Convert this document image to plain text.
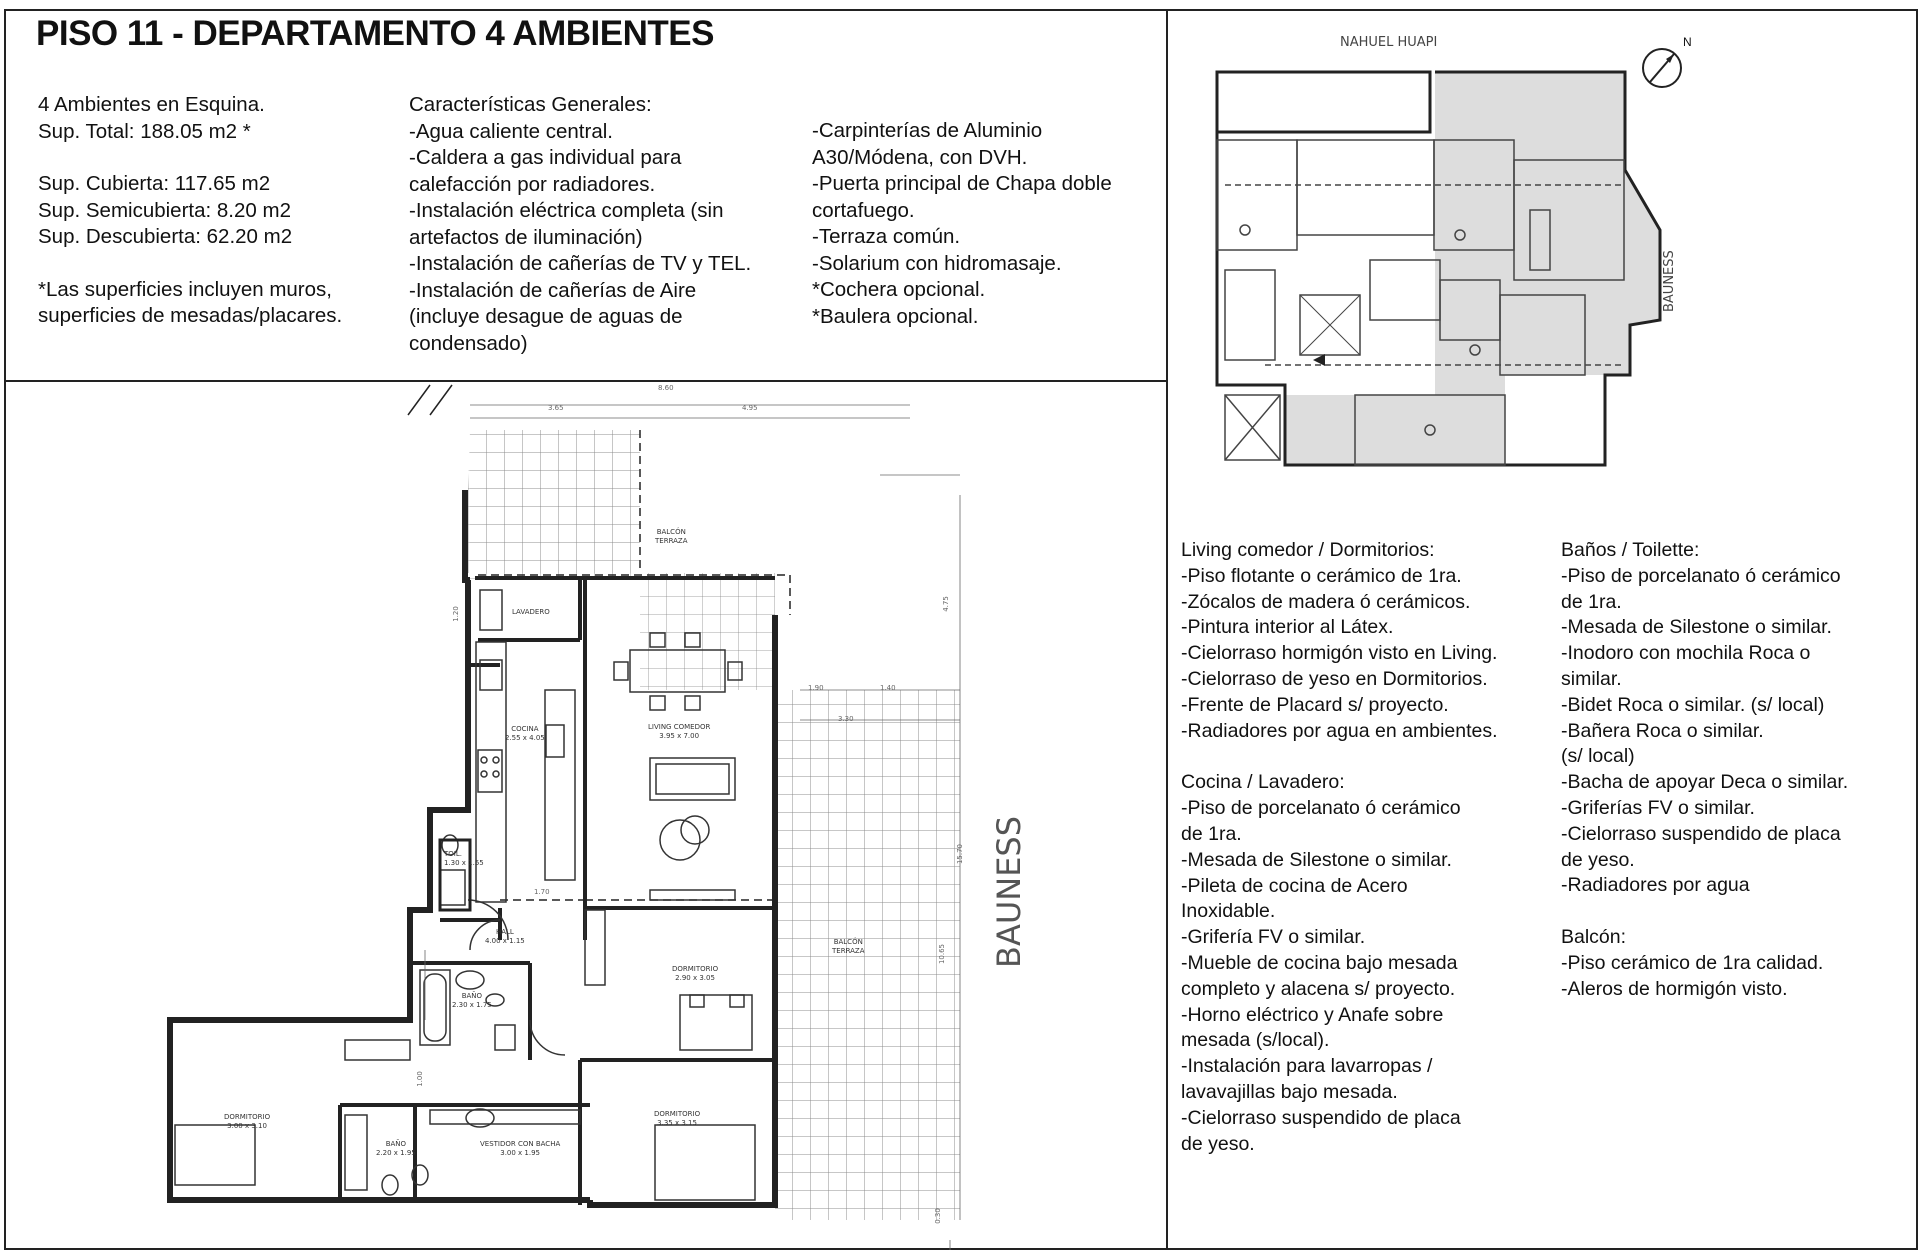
PISO 11 - DEPARTAMENTO 4 AMBIENTES
4 Ambientes en Esquina.
Sup. Total: 188.05 m2 *
Sup. Cubierta: 117.65 m2
Sup. Semicubierta: 8.20 m2
Sup. Descubierta: 62.20 m2
*Las superficies incluyen muros,
superficies de mesadas/placares.
Características Generales:
-Agua caliente central.
-Caldera a gas individual para
calefacción por radiadores.
-Instalación eléctrica completa (sin
artefactos de iluminación)
-Instalación de cañerías de TV y TEL.
-Instalación de cañerías de Aire
(incluye desague de aguas de
condensado)
-Carpinterías de Aluminio
A30/Módena, con DVH.
-Puerta principal de Chapa doble
cortafuego.
-Terraza común.
-Solarium con hidromasaje.
*Cochera opcional.
*Baulera opcional.
NAHUEL HUAPI
BAUNESS
N
BALCÓN
TERRAZA
LAVADERO
COCINA
2.55 x 4.05
LIVING COMEDOR
3.95 x 7.00
BALCÓN
TERRAZA
TOIL.
1.30 x 1.55
HALL
4.00 x 1.15
DORMITORIO
2.90 x 3.05
BAÑO
2.30 x 1.75
DORMITORIO
3.00 x 3.10
BAÑO
2.20 x 1.95
VESTIDOR CON BACHA
3.00 x 1.95
DORMITORIO
3.35 x 3.15
8.60
3.65	4.95
1.40
3.30
1.90
1.20
4.75
15.70
10.65
0.30
1.00
1.70	BAUNESS
Living comedor / Dormitorios:
-Piso flotante o cerámico de 1ra.
-Zócalos de madera ó cerámicos.
-Pintura interior al Látex.
-Cielorraso hormigón visto en Living.
-Cielorraso de yeso en Dormitorios.
-Frente de Placard s/ proyecto.
-Radiadores por agua en ambientes.
Cocina / Lavadero:
-Piso de porcelanato ó cerámico
de 1ra.
-Mesada de Silestone o similar.
-Pileta de cocina de Acero
Inoxidable.
-Grifería FV o similar.
-Mueble de cocina bajo mesada
completo y alacena s/ proyecto.
-Horno eléctrico y Anafe sobre
mesada (s/local).
-Instalación para lavarropas /
lavavajillas bajo mesada.
-Cielorraso suspendido de placa
de yeso.
Baños / Toilette:
-Piso de porcelanato ó cerámico
de 1ra.
-Mesada de Silestone o similar.
-Inodoro con mochila Roca o
similar.
-Bidet Roca o similar. (s/ local)
-Bañera Roca o similar.
(s/ local)
-Bacha de apoyar Deca o similar.
-Griferías FV o similar.
-Cielorraso suspendido de placa
de yeso.
-Radiadores por agua
Balcón:
-Piso cerámico de 1ra calidad.
-Aleros de hormigón visto.
